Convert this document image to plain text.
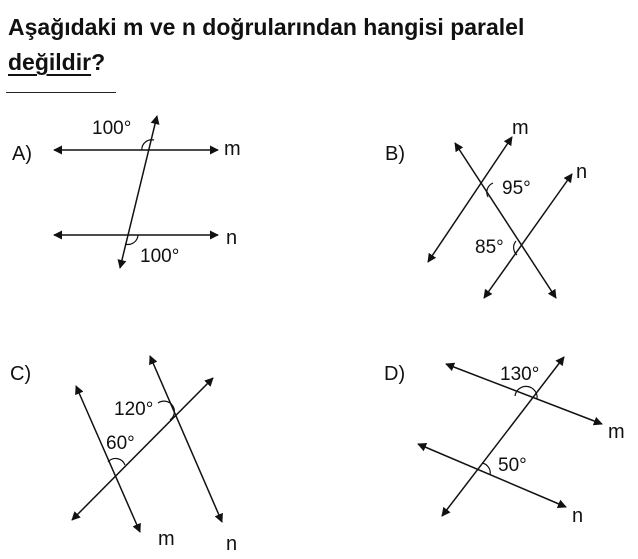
Aşağıdaki m ve n doğrularından hangisi paralel
değildir?
A)
100°
100°
m
n
B)
95°
85°
m
n
C)
120°
60°
m	n
D)	130°
50°
m
n
